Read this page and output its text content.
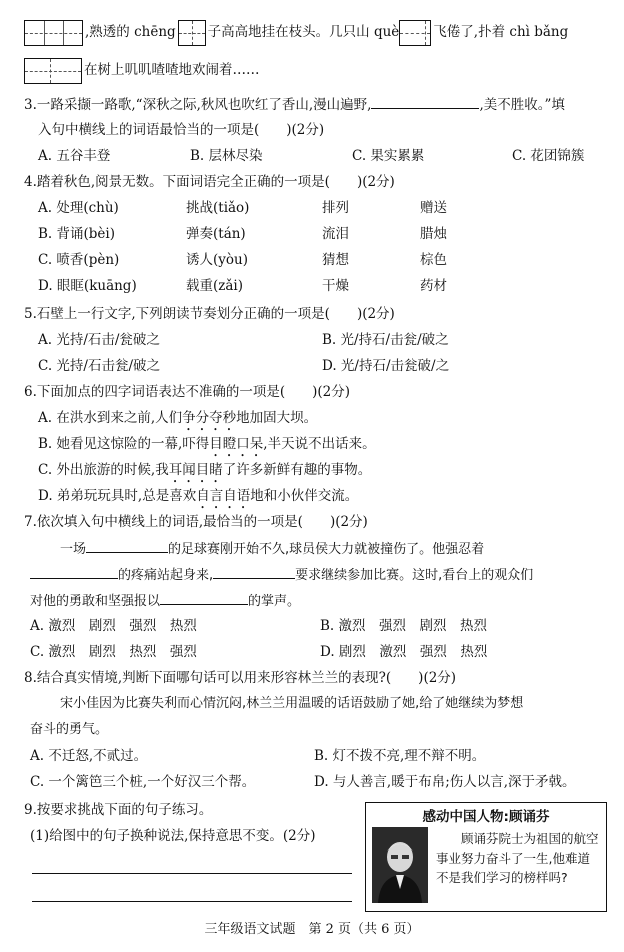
,熟透的 chēng 子高高地挂在枝头。几只山 què	飞倦了,扑着 chì bǎng
在树上叽叽喳喳地欢闹着……
3.一路采撷一路歌,“深秋之际,秋风也吹红了香山,漫山遍野,	,美不胜收。”填
入句中横线上的词语最恰当的一项是(　　)(2分)
A. 五谷丰登	B. 层林尽染	C. 果实累累	C. 花团锦簇
4.踏着秋色,阅景无数。下面词语完全正确的一项是(　　)(2分)
A. 处理(chù)	挑战(tiǎo)	排列	赠送
B. 背诵(bèi)	弹奏(tán)	流泪	腊烛
C. 喷香(pèn)	诱人(yòu)	猜想	棕色
D. 眼眶(kuāng)	载重(zǎi)	干燥	药材
5.石壁上一行文字,下列朗读节奏划分正确的一项是(　　)(2分)
A. 光持/石击/瓮破之	B. 光/持石/击瓮/破之
C. 光持/石击瓮/破之	D. 光/持石/击瓮破/之
6.下面加点的四字词语表达不准确的一项是(　　)(2分)
A. 在洪水到来之前,人们争分夺秒地加固大坝。
B. 她看见这惊险的一幕,吓得目瞪口呆,半天说不出话来。
C. 外出旅游的时候,我耳闻目睹了许多新鲜有趣的事物。
D. 弟弟玩玩具时,总是喜欢自言自语地和小伙伴交流。
7.依次填入句中横线上的词语,最恰当的一项是(　　)(2分)
一场	的足球赛刚开始不久,球员侯大力就被撞伤了。他强忍着
的疼痛站起身来,	要求继续参加比赛。这时,看台上的观众们
对他的勇敢和坚强报以	的掌声。
A. 激烈　剧烈　强烈　热烈	B. 激烈　强烈　剧烈　热烈
C. 激烈　剧烈　热烈　强烈	D. 剧烈　激烈　强烈　热烈
8.结合真实情境,判断下面哪句话可以用来形容林兰兰的表现?(　　)(2分)
宋小佳因为比赛失利而心情沉闷,林兰兰用温暖的话语鼓励了她,给了她继续为梦想
奋斗的勇气。
A. 不迁怒,不贰过。	B. 灯不拨不亮,理不辩不明。
C. 一个篱笆三个桩,一个好汉三个帮。	D. 与人善言,暖于布帛;伤人以言,深于矛戟。
9.按要求挑战下面的句子练习。
(1)给图中的句子换种说法,保持意思不变。(2分)
感动中国人物:顾诵芬
顾诵芬院士为祖国的航空事业努力奋斗了一生,他难道不是我们学习的榜样吗?
三年级语文试题　第 2 页（共 6 页）
